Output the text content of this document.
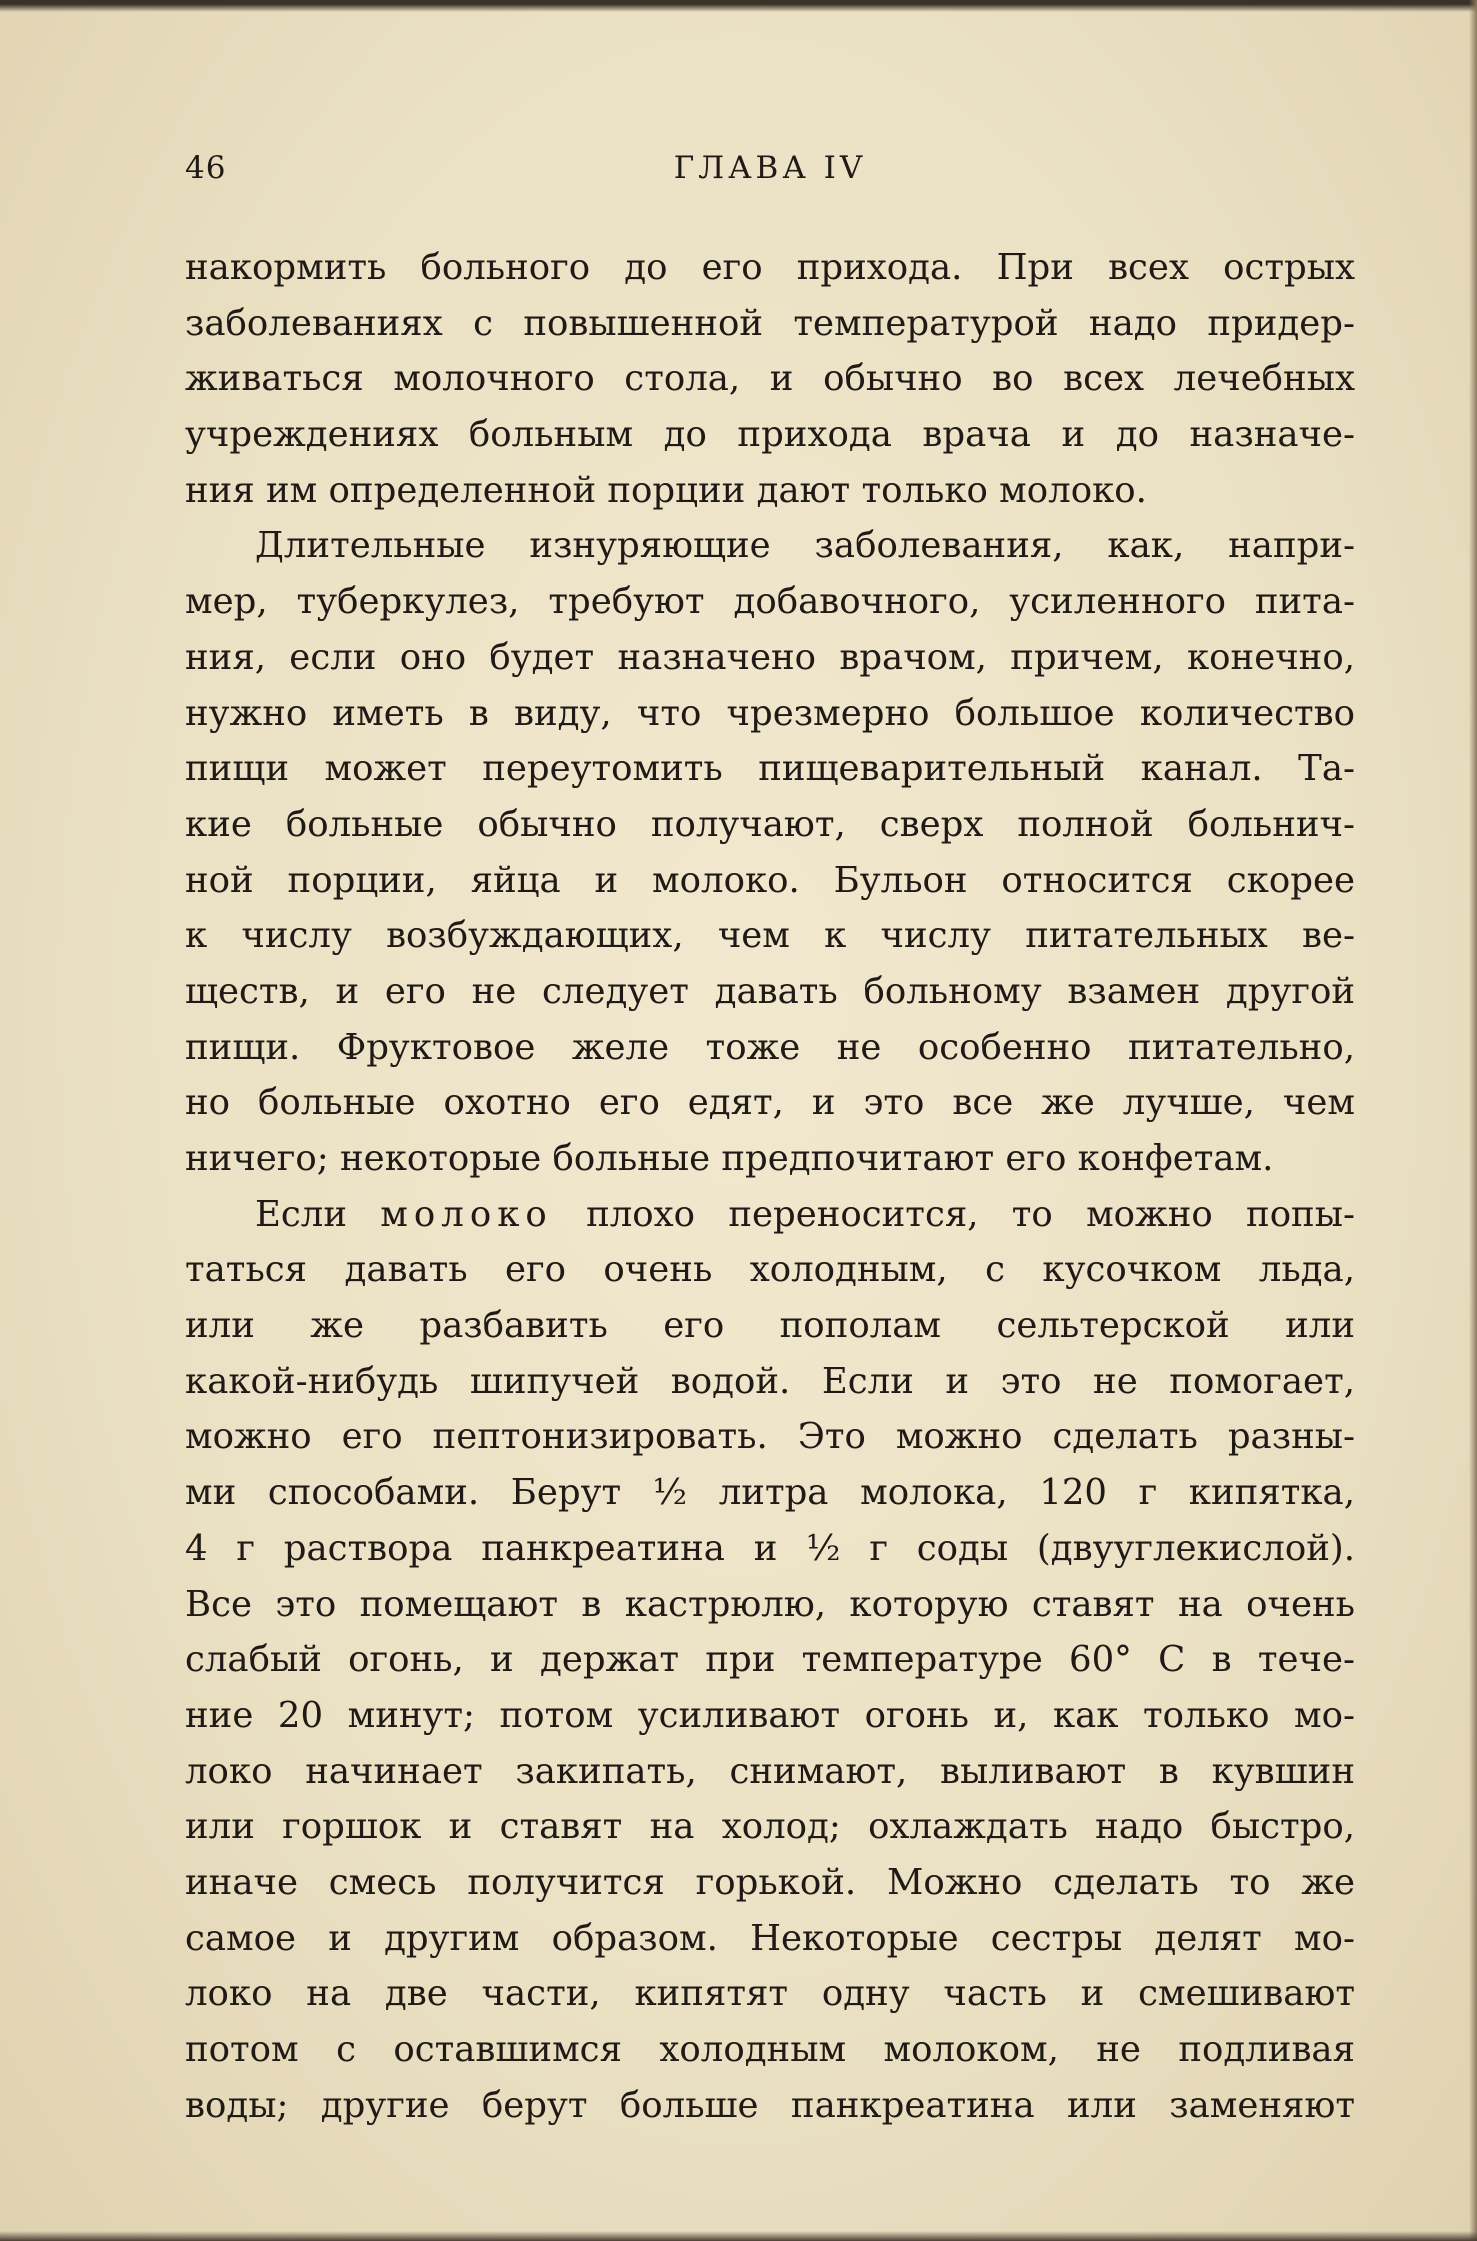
46	ГЛАВА IV
накормить больного до его прихода. При всех острых
заболеваниях с повышенной температурой надо придер-
живаться молочного стола, и обычно во всех лечебных
учреждениях больным до прихода врача и до назначе-
ния им определенной порции дают только молоко.
Длительные изнуряющие заболевания, как, напри-
мер, туберкулез, требуют добавочного, усиленного пита-
ния, если оно будет назначено врачом, причем, конечно,
нужно иметь в виду, что чрезмерно большое количество
пищи может переутомить пищеварительный канал. Та-
кие больные обычно получают, сверх полной больнич-
ной порции, яйца и молоко. Бульон относится скорее
к числу возбуждающих, чем к числу питательных ве-
ществ, и его не следует давать больному взамен другой
пищи. Фруктовое желе тоже не особенно питательно,
но больные охотно его едят, и это все же лучше, чем
ничего; некоторые больные предпочитают его конфетам.
Если молоко плохо переносится, то можно попы-
таться давать его очень холодным, с кусочком льда,
или же разбавить его пополам сельтерской или
какой-нибудь шипучей водой. Если и это не помогает,
можно его пептонизировать. Это можно сделать разны-
ми способами. Берут ½ литра молока, 120 г кипятка,
4 г раствора панкреатина и ½ г соды (двууглекислой).
Все это помещают в кастрюлю, которую ставят на очень
слабый огонь, и держат при температуре 60° С в тече-
ние 20 минут; потом усиливают огонь и, как только мо-
локо начинает закипать, снимают, выливают в кувшин
или горшок и ставят на холод; охлаждать надо быстро,
иначе смесь получится горькой. Можно сделать то же
самое и другим образом. Некоторые сестры делят мо-
локо на две части, кипятят одну часть и смешивают
потом с оставшимся холодным молоком, не подливая
воды; другие берут больше панкреатина или заменяют
